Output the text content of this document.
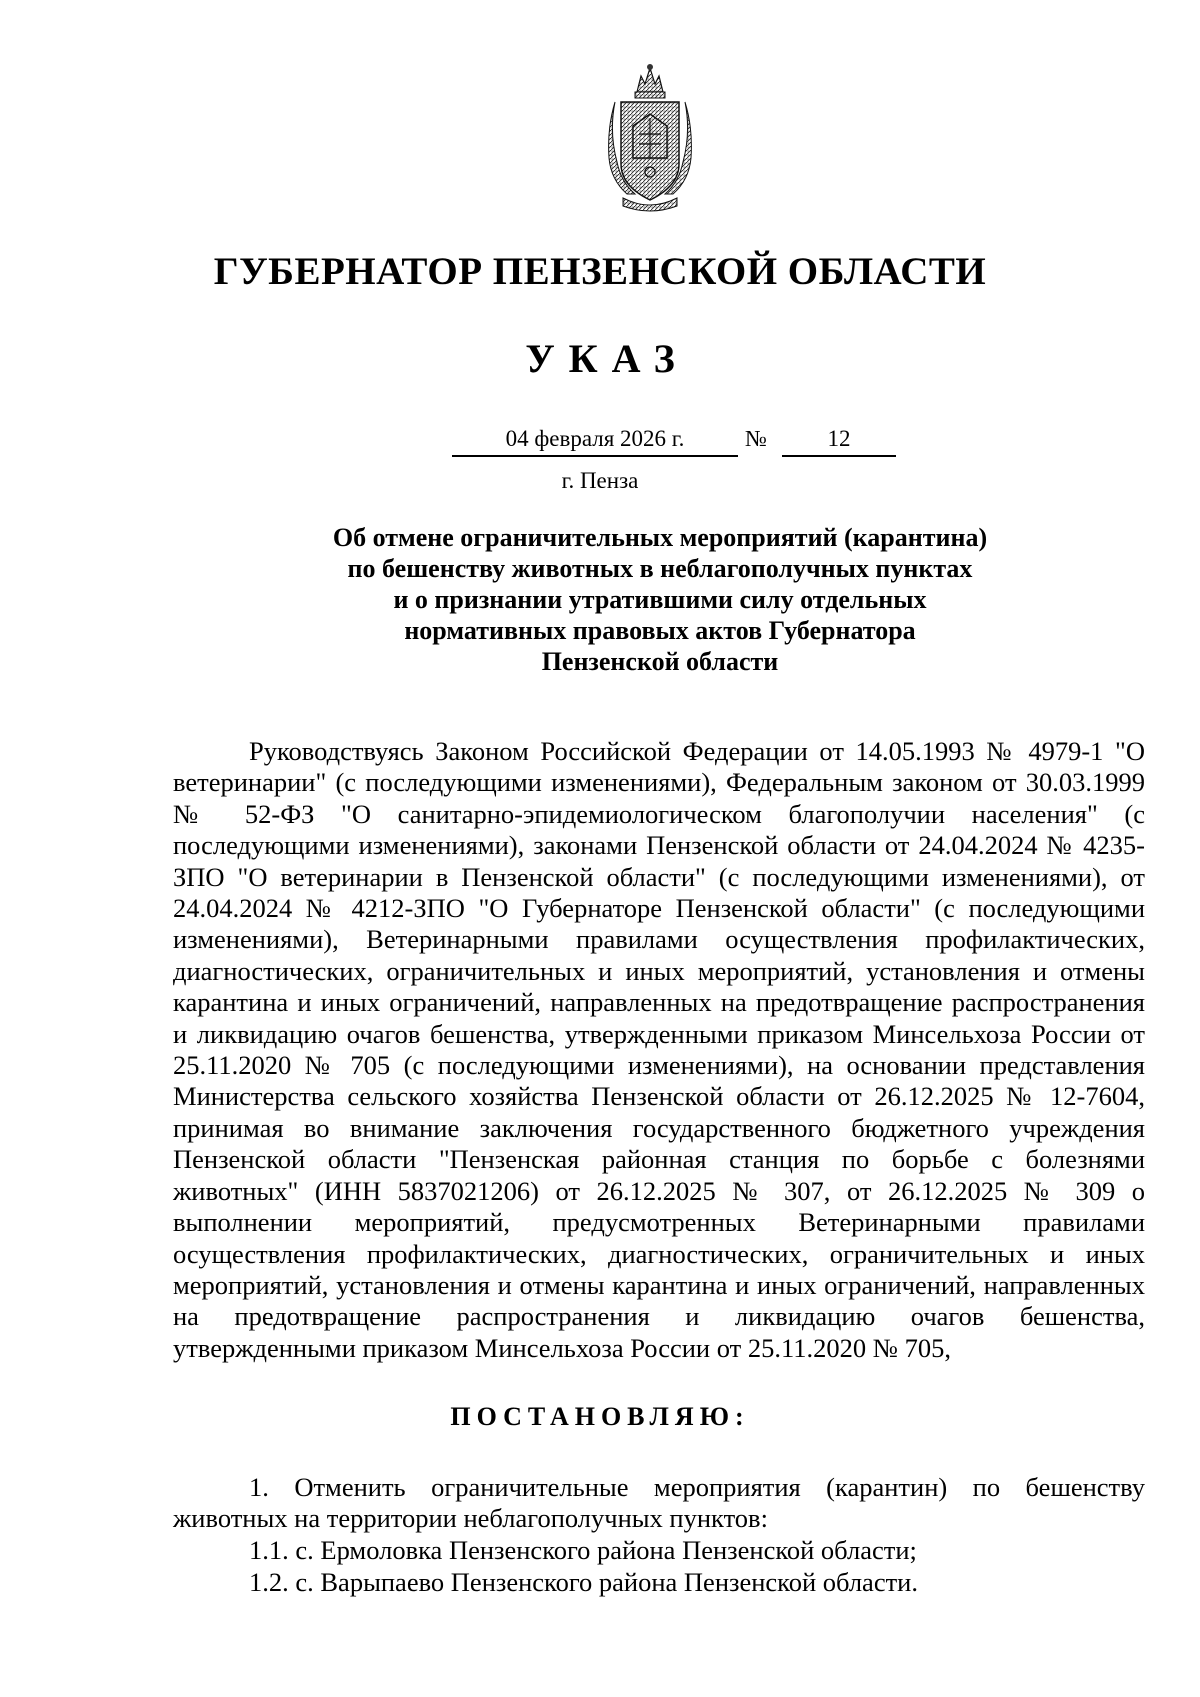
ГУБЕРНАТОР ПЕНЗЕНСКОЙ ОБЛАСТИ
УКАЗ
04 февраля 2026 г.	№	12
г. Пенза
Об отмене ограничительных мероприятий (карантина)
по бешенству животных в неблагополучных пунктах
и о признании утратившими силу отдельных
нормативных правовых актов Губернатора
Пензенской области

Руководствуясь Законом Российской Федерации от 14.05.1993 № 4979-1 "О ветеринарии" (с последующими изменениями), Федеральным законом от 30.03.1999 № 52-ФЗ "О санитарно-эпидемиологическом благополучии населения" (с последующими изменениями), законами Пензенской области от 24.04.2024 № 4235-ЗПО "О ветеринарии в Пензенской области" (с последующими изменениями), от 24.04.2024 № 4212-ЗПО "О Губернаторе Пензенской области" (с последующими изменениями), Ветеринарными правилами осуществления профилактических, диагностических, ограничительных и иных мероприятий, установления и отмены карантина и иных ограничений, направленных на предотвращение распространения и ликвидацию очагов бешенства, утвержденными приказом Минсельхоза России от 25.11.2020 № 705 (с последующими изменениями), на основании представления Министерства сельского хозяйства Пензенской области от 26.12.2025 № 12-7604, принимая во внимание заключения государственного бюджетного учреждения Пензенской области "Пензенская районная станция по борьбе с болезнями животных" (ИНН 5837021206) от 26.12.2025 № 307, от 26.12.2025 № 309 о выполнении мероприятий, предусмотренных Ветеринарными правилами осуществления профилактических, диагностических, ограничительных и иных мероприятий, установления и отмены карантина и иных ограничений, направленных на предотвращение распространения и ликвидацию очагов бешенства, утвержденными приказом Минсельхоза России от 25.11.2020 № 705,

ПОСТАНОВЛЯЮ:

1. Отменить ограничительные мероприятия (карантин) по бешенству животных на территории неблагополучных пунктов:

1.1. с. Ермоловка Пензенского района Пензенской области;
1.2. с. Варыпаево Пензенского района Пензенской области.
